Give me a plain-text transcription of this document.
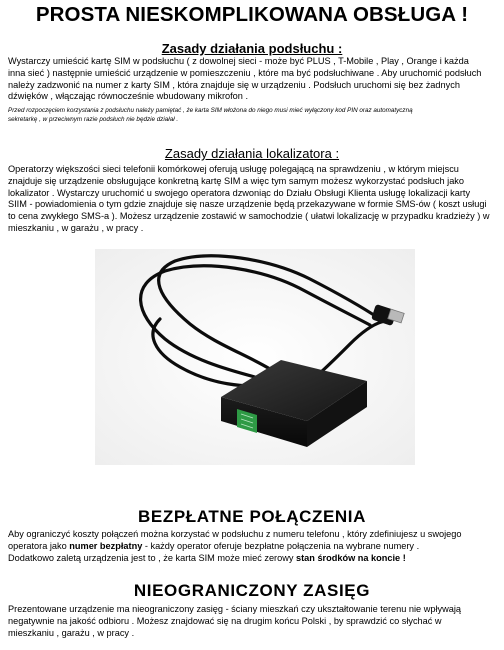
PROSTA NIESKOMPLIKOWANA OBSŁUGA !
Zasady działania podsłuchu :
Wystarczy umieścić kartę SIM w podsłuchu ( z dowolnej sieci - może być PLUS , T-Mobile , Play , Orange i każda
inna sieć ) następnie umieścić urządzenie w pomieszczeniu , które ma być podsłuchiwane . Aby uruchomić podsłuch
należy zadzwonić na numer z karty SIM , która znajduje się w urządzeniu . Podsłuch uruchomi się bez żadnych
dźwięków , włączając równocześnie wbudowany mikrofon .
Przed rozpoczęciem korzystania z podsłuchu należy pamiętać , że karta SIM włożona do niego musi mieć wyłączony kod PIN oraz automatyczną
sekretarkę , w przeciwnym razie podsłuch nie będzie działał .
Zasady działania lokalizatora :
Operatorzy większości sieci telefonii komórkowej oferują usługę polegającą na sprawdzeniu , w którym miejscu
znajduje się urządzenie obsługujące konkretną kartę SIM a więc tym samym możesz wykorzystać podsłuch jako
lokalizator . Wystarczy uruchomić u swojego operatora dzwoniąc do Działu Obsługi Klienta usługę lokalizacji karty
SIIM - powiadomienia o tym gdzie znajduje się nasze urządzenie będą przekazywane w formie SMS-ów ( koszt usługi
to cena zwykłego SMS-a ). Możesz urządzenie zostawić w samochodzie ( ułatwi lokalizację w przypadku kradzieży ) w
mieszkaniu , w garażu , w pracy .
BEZPŁATNE POŁĄCZENIA
Aby ograniczyć koszty połączeń można korzystać w podsłuchu z numeru telefonu , który zdefiniujesz u swojego
operatora jako numer bezpłatny - każdy operator oferuje bezpłatne połączenia na wybrane numery .
Dodatkowo zaletą urządzenia jest to , że karta SIM może mieć zerowy stan środków na koncie !
NIEOGRANICZONY ZASIĘG
Prezentowane urządzenie ma nieograniczony zasięg - ściany mieszkań czy ukształtowanie terenu nie wpływają
negatywnie na jakość odbioru . Możesz znajdować się na drugim końcu Polski , by sprawdzić co słychać w
mieszkaniu , garażu , w pracy .
